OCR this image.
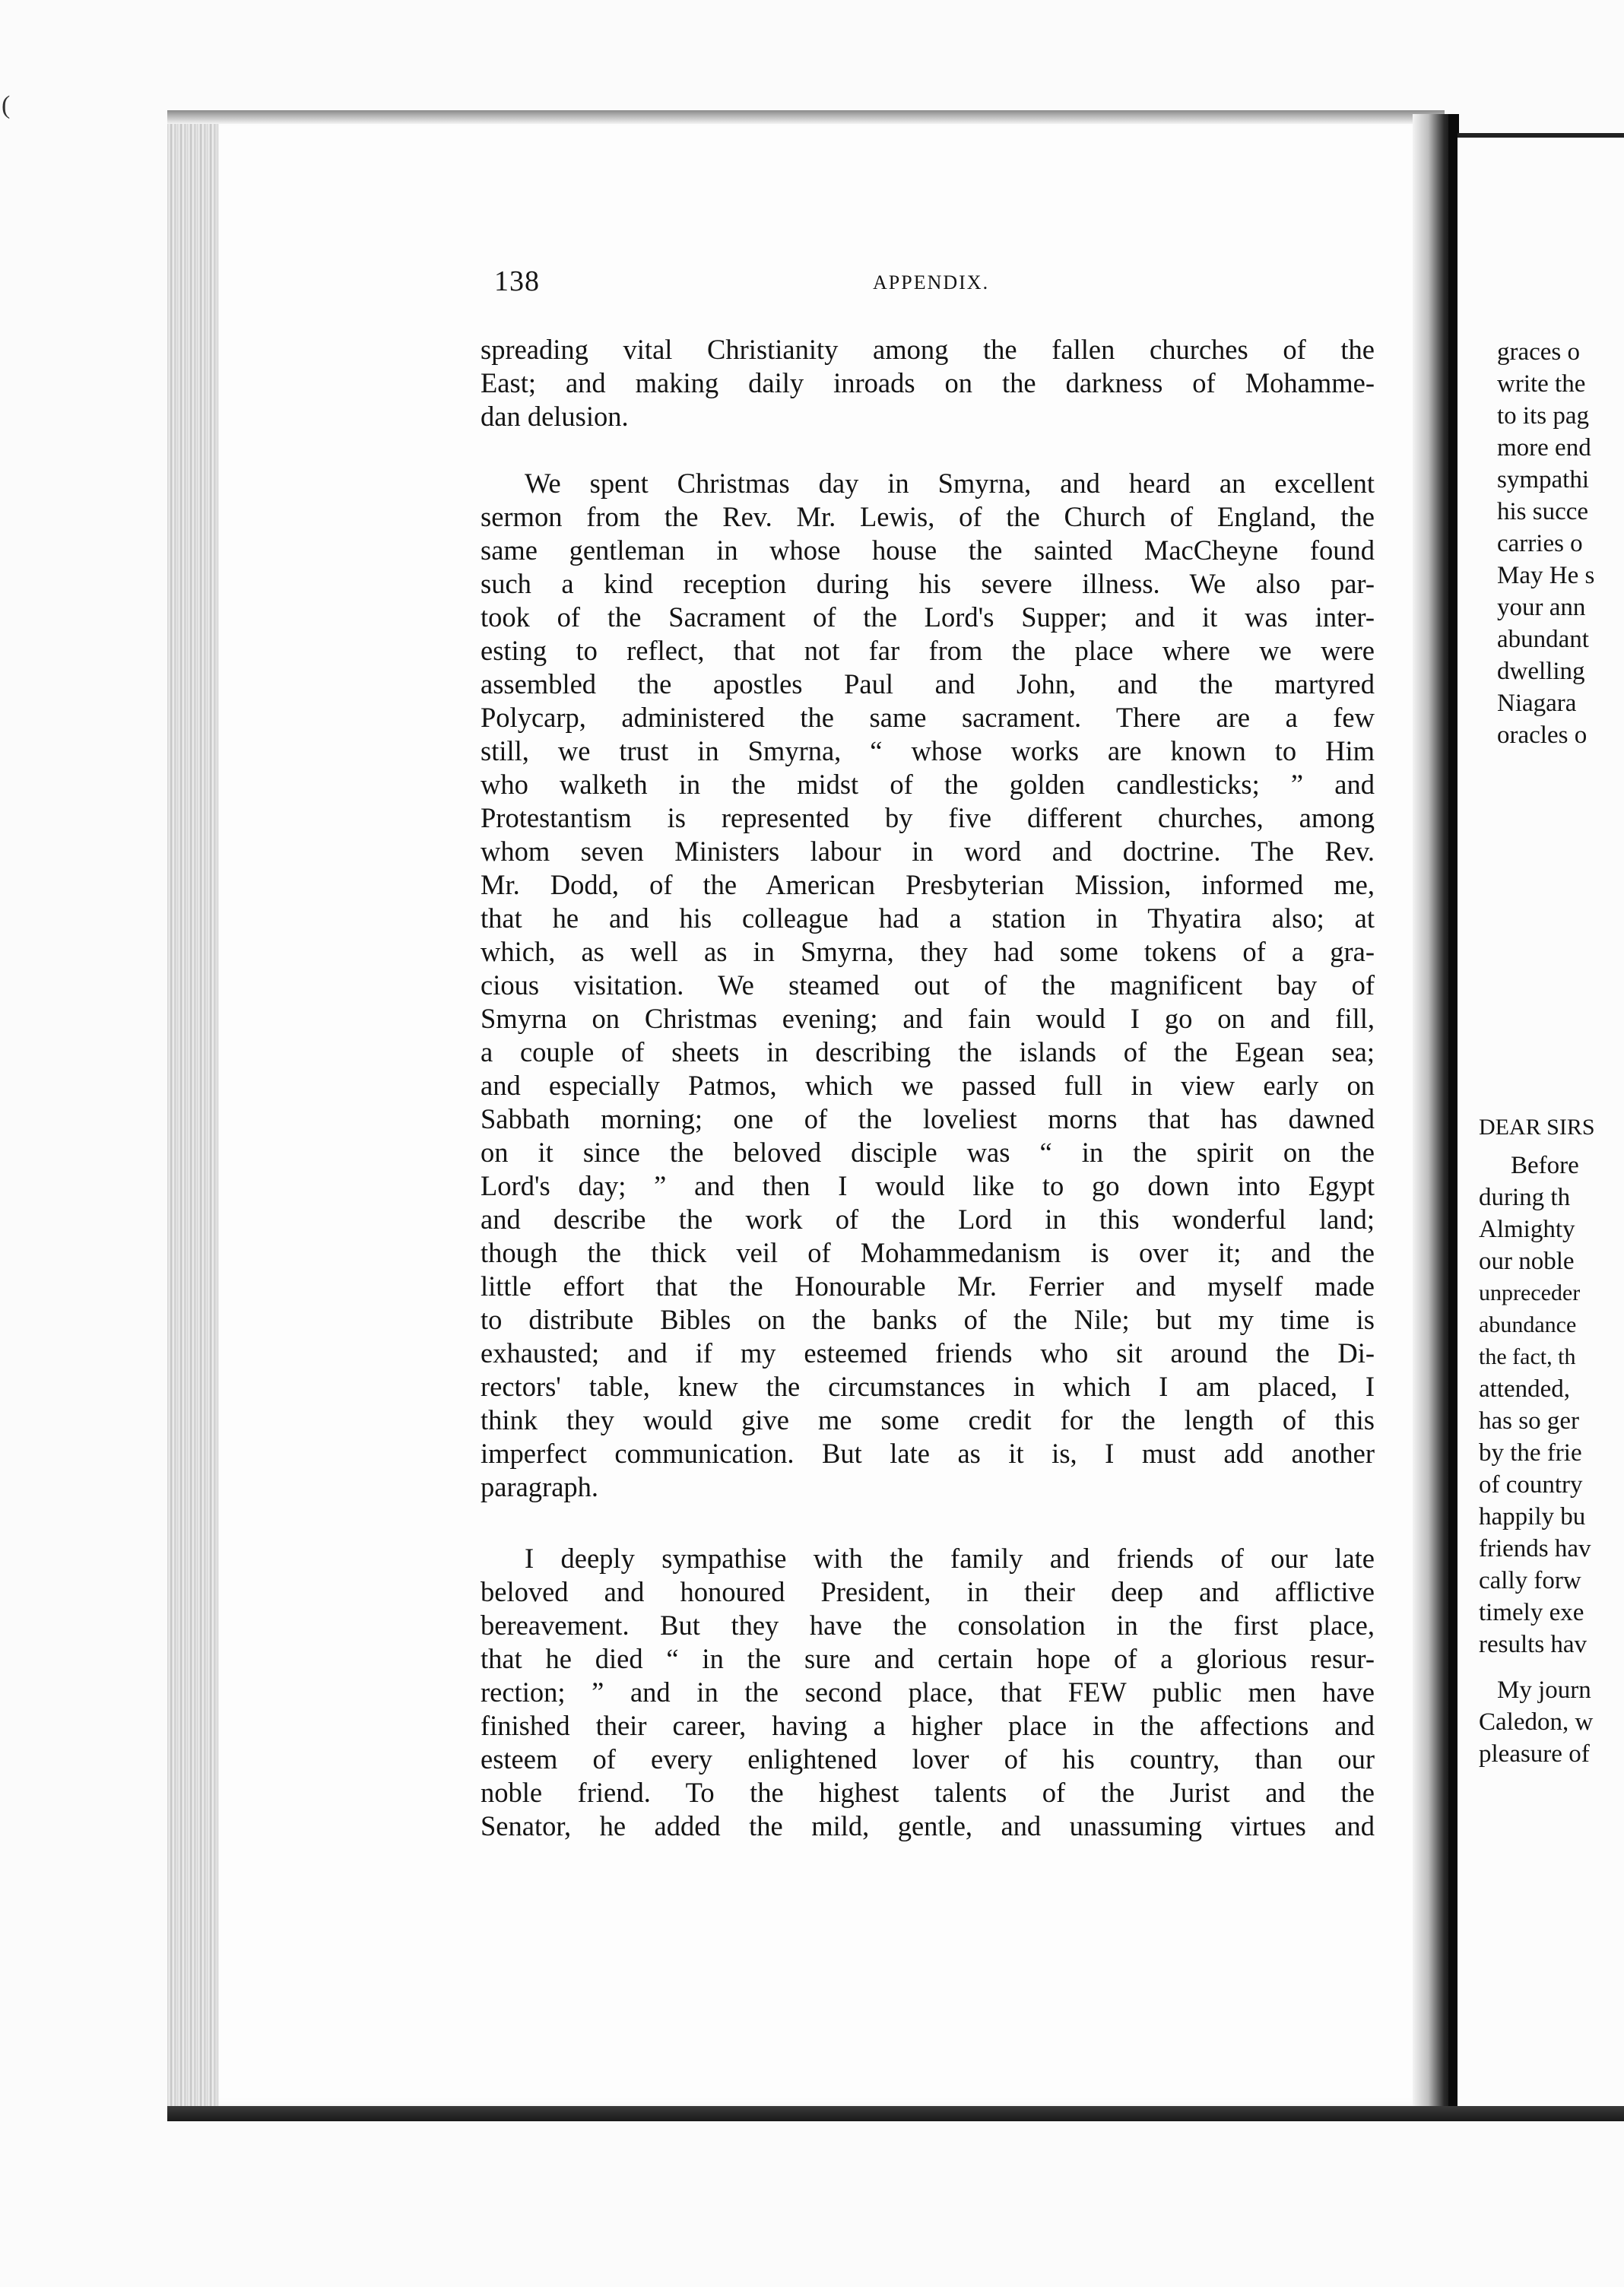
(
138	APPENDIX.
spreading vital Christianity among the fallen churches of the
East; and making daily inroads on the darkness of Mohamme-
dan delusion.
We spent Christmas day in Smyrna, and heard an excellent
sermon from the Rev. Mr. Lewis, of the Church of England, the
same gentleman in whose house the sainted MacCheyne found
such a kind reception during his severe illness. We also par-
took of the Sacrament of the Lord's Supper; and it was inter-
esting to reflect, that not far from the place where we were
assembled the apostles Paul and John, and the martyred
Polycarp, administered the same sacrament. There are a few
still, we trust in Smyrna, “ whose works are known to Him
who walketh in the midst of the golden candlesticks; ” and
Protestantism is represented by five different churches, among
whom seven Ministers labour in word and doctrine. The Rev.
Mr. Dodd, of the American Presbyterian Mission, informed me,
that he and his colleague had a station in Thyatira also; at
which, as well as in Smyrna, they had some tokens of a gra-
cious visitation. We steamed out of the magnificent bay of
Smyrna on Christmas evening; and fain would I go on and fill,
a couple of sheets in describing the islands of the Egean sea;
and especially Patmos, which we passed full in view early on
Sabbath morning; one of the loveliest morns that has dawned
on it since the beloved disciple was “ in the spirit on the
Lord's day; ” and then I would like to go down into Egypt
and describe the work of the Lord in this wonderful land;
though the thick veil of Mohammedanism is over it; and the
little effort that the Honourable Mr. Ferrier and myself made
to distribute Bibles on the banks of the Nile; but my time is
exhausted; and if my esteemed friends who sit around the Di-
rectors' table, knew the circumstances in which I am placed, I
think they would give me some credit for the length of this
imperfect communication. But late as it is, I must add another
paragraph.
I deeply sympathise with the family and friends of our late
beloved and honoured President, in their deep and afflictive
bereavement. But they have the consolation in the first place,
that he died “ in the sure and certain hope of a glorious resur-
rection; ” and in the second place, that FEW public men have
finished their career, having a higher place in the affections and
esteem of every enlightened lover of his country, than our
noble friend. To the highest talents of the Jurist and the
Senator, he added the mild, gentle, and unassuming virtues and
graces o
write the
to its pag
more end
sympathi
his succe
carries o
May He s
your ann
abundant
dwelling
Niagara
oracles o
DEAR SIRS
Before
during th
Almighty
our noble
unpreceder
abundance
the fact, th
attended,
has so ger
by the frie
of country
happily bu
friends hav
cally forw
timely exe
results hav
My journ
Caledon, w
pleasure of
